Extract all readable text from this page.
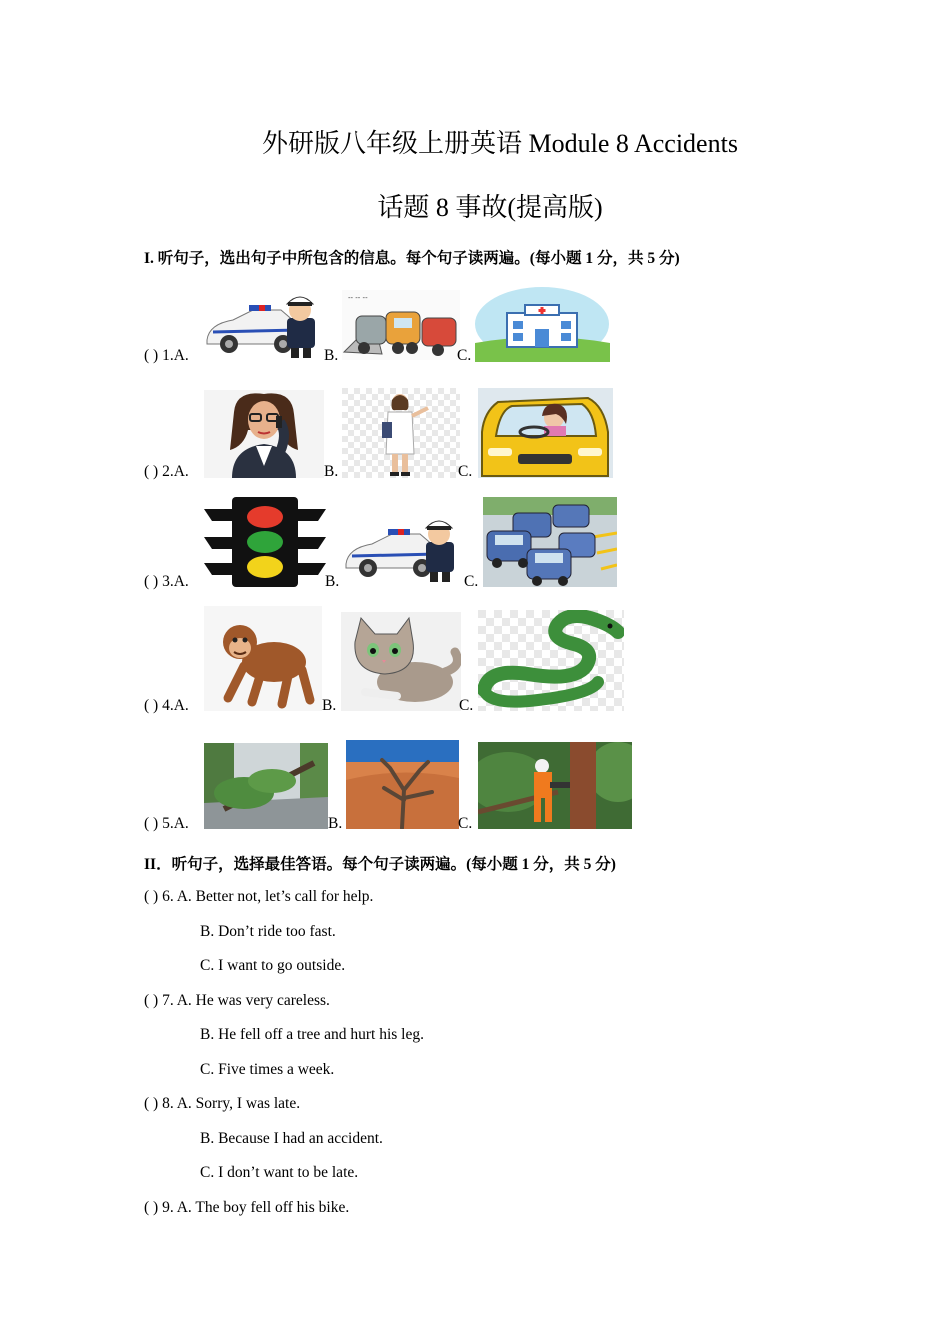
外研版八年级上册英语 Module 8 Accidents
话题 8 事故(提高版)
I. 听句子，选出句子中所包含的信息。每个句子读两遍。(每小题 1 分，共 5 分)
( ) 1.A.	B.
-- -- --
C.
( ) 2.A.	B.	C.
( ) 3.A.	B.	C.
( ) 4.A.	B.	C.
( ) 5.A.	B.	C.
II．听句子，选择最佳答语。每个句子读两遍。(每小题 1 分，共 5 分)
( ) 6. A. Better not, let’s call for help.
B. Don’t ride too fast.
C. I want to go outside.
( ) 7. A. He was very careless.
B. He fell off a tree and hurt his leg.
C. Five times a week.
( ) 8. A. Sorry, I was late.
B. Because I had an accident.
C. I don’t want to be late.
( ) 9. A. The boy fell off his bike.
